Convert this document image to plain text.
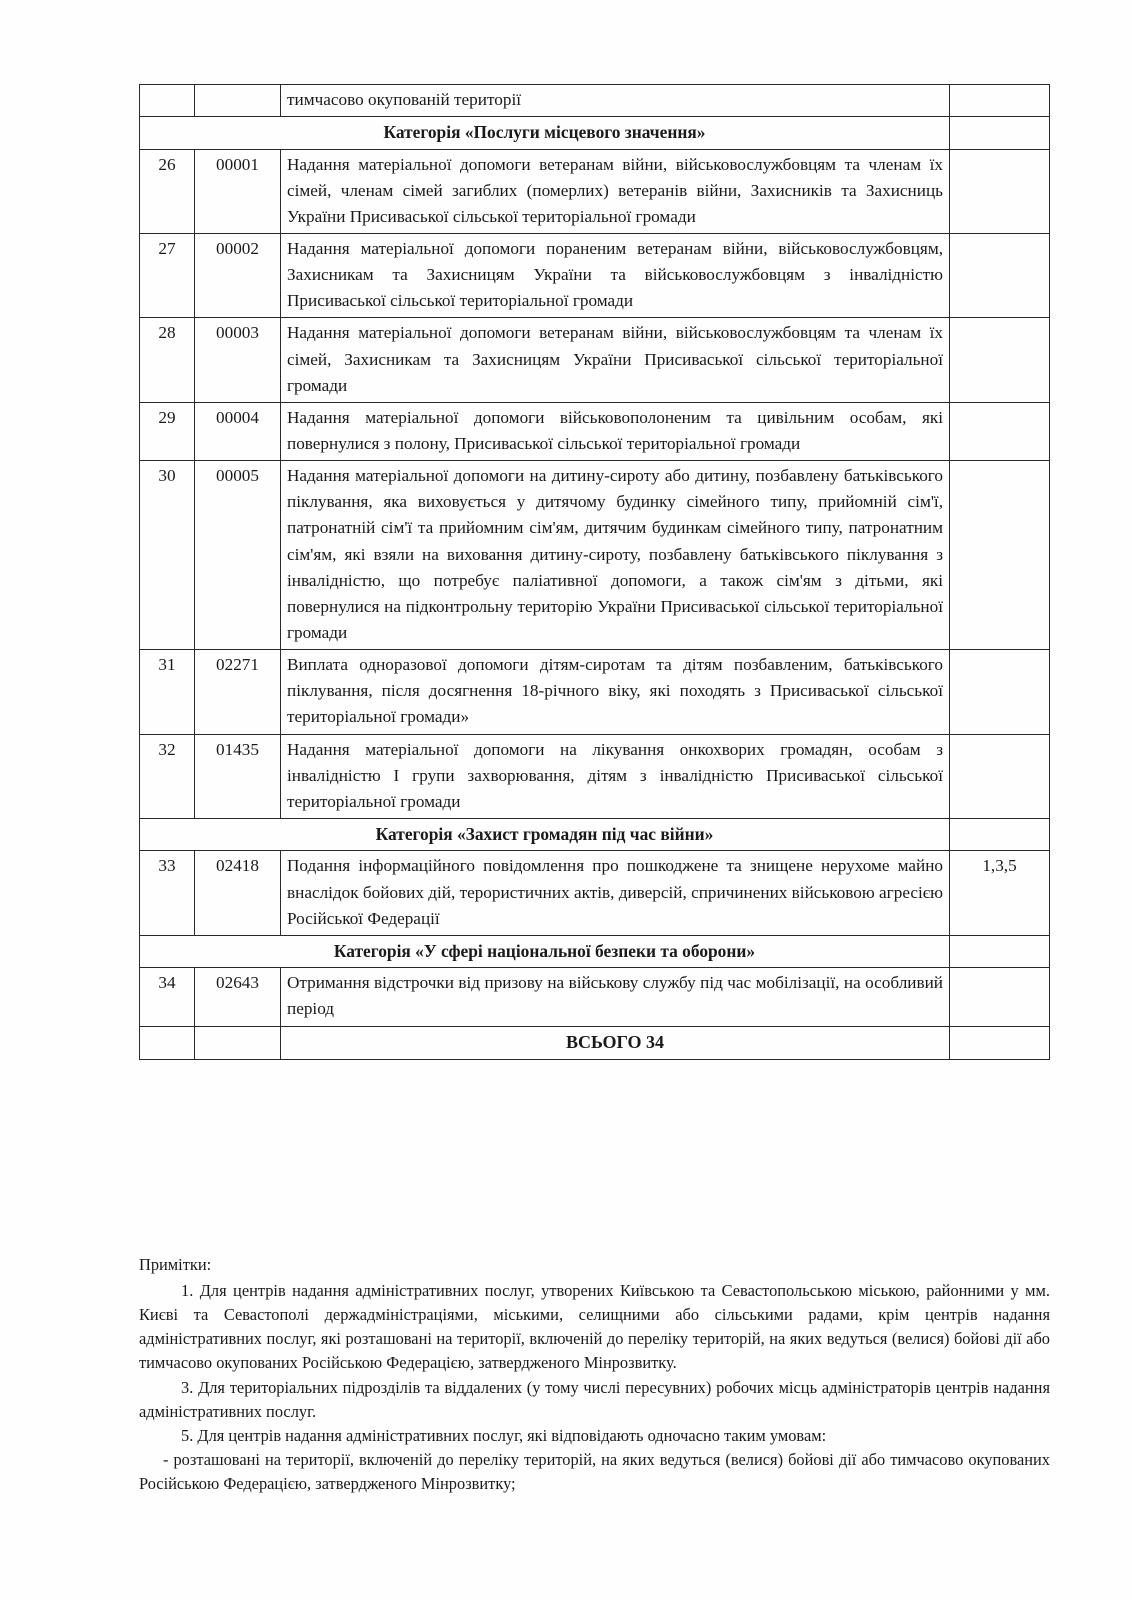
		тимчасово окупованій території	
Категорія «Послуги місцевого значення»			
26	00001	Надання матеріальної допомоги ветеранам війни, військовослужбовцям та членам їх сімей, членам сімей загиблих (померлих) ветеранів війни, Захисників та Захисниць України Присиваської сільської територіальної громади	
27	00002	Надання матеріальної допомоги пораненим ветеранам війни, військовослужбовцям, Захисникам та Захисницям України та військовослужбовцям з інвалідністю Присиваської сільської територіальної громади	
28	00003	Надання матеріальної допомоги ветеранам війни, військовослужбовцям та членам їх сімей, Захисникам та Захисницям України Присиваської сільської територіальної громади	
29	00004	Надання матеріальної допомоги військовополоненим та цивільним особам, які повернулися з полону, Присиваської сільської територіальної громади	
30	00005	Надання матеріальної допомоги на дитину-сироту або дитину, позбавлену батьківського піклування, яка виховується у дитячому будинку сімейного типу, прийомній сім'ї, патронатній сім'ї та прийомним сім'ям, дитячим будинкам сімейного типу, патронатним сім'ям, які взяли на виховання дитину-сироту, позбавлену батьківського піклування з інвалідністю, що потребує паліативної допомоги, а також сім'ям з дітьми, які повернулися на підконтрольну територію України Присиваської сільської територіальної громади	
31	02271	Виплата одноразової допомоги дітям-сиротам та дітям позбавленим, батьківського піклування, після досягнення 18-річного віку, які походять з Присиваської сільської територіальної громади»	
32	01435	Надання матеріальної допомоги на лікування онкохворих громадян, особам з інвалідністю I групи захворювання, дітям з інвалідністю Присиваської сільської територіальної громади	
Категорія «Захист громадян під час війни»			
33	02418	Подання інформаційного повідомлення про пошкоджене та знищене нерухоме майно внаслідок бойових дій, терористичних актів, диверсій, спричинених військовою агресією Російської Федерації	1,3,5
Категорія «У сфері національної безпеки та оборони»			
34	02643	Отримання відстрочки від призову на військову службу під час мобілізації, на особливий період	
		ВСЬОГО 34	

Примітки:

1. Для центрів надання адміністративних послуг, утворених Київською та Севастопольською міською, районними у мм. Києві та Севастополі держадміністраціями, міськими, селищними або сільськими радами, крім центрів надання адміністративних послуг, які розташовані на території, включеній до переліку територій, на яких ведуться (велися) бойові дії або тимчасово окупованих Російською Федерацією, затвердженого Мінрозвитку.

3. Для територіальних підрозділів та віддалених (у тому числі пересувних) робочих місць адміністраторів центрів надання адміністративних послуг.

5. Для центрів надання адміністративних послуг, які відповідають одночасно таким умовам:

- розташовані на території, включеній до переліку територій, на яких ведуться (велися) бойові дії або тимчасово окупованих Російською Федерацією, затвердженого Мінрозвитку;
